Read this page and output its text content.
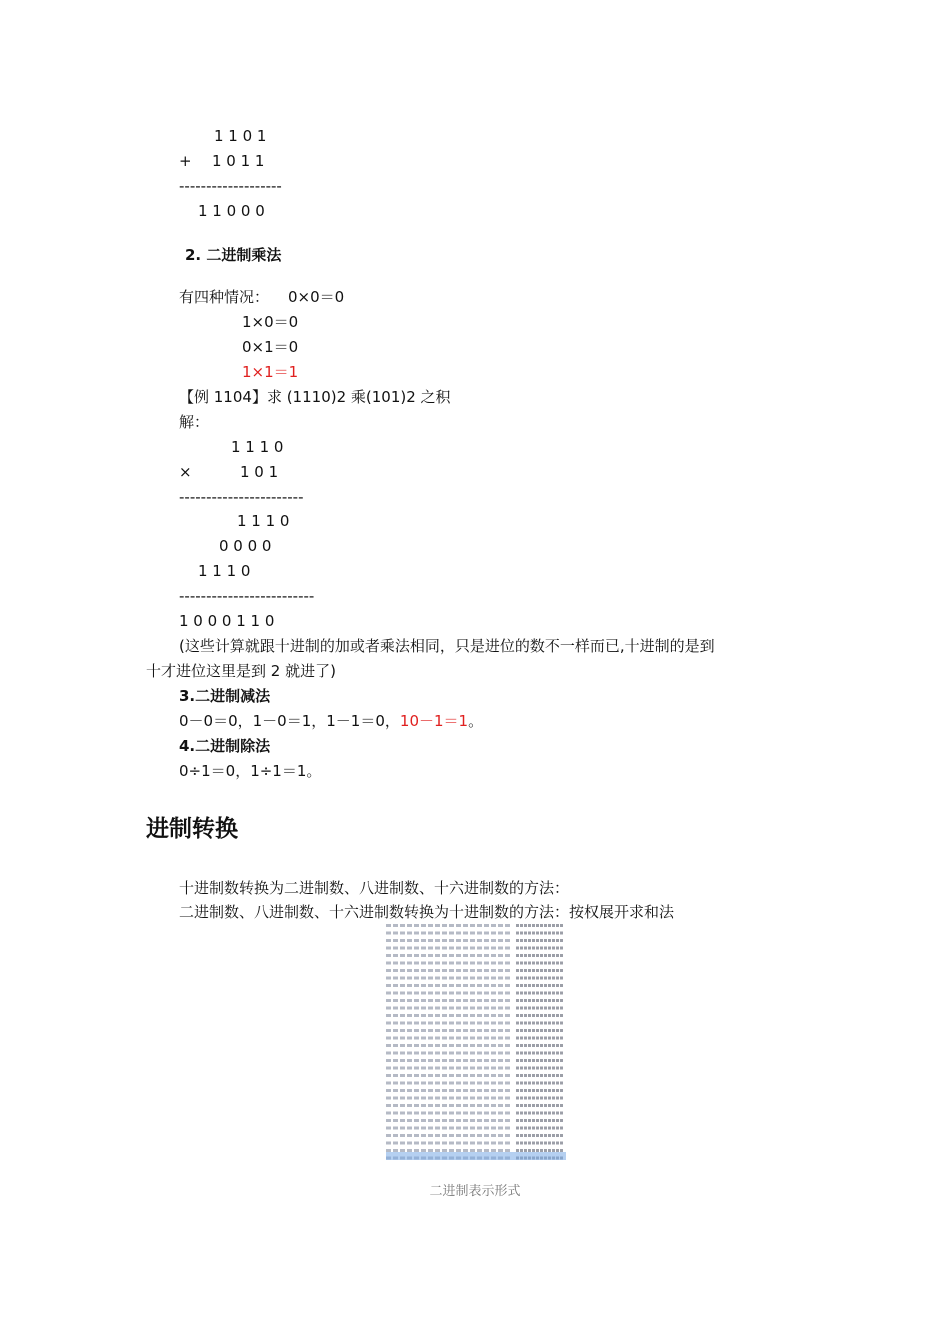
1 1 0 1
+ 1 0 1 1
-------------------
1 1 0 0 0
2. 二进制乘法
有四种情况： 0×0＝0
1×0＝0
0×1＝0
1×1＝1
【例 1104】求 (1110)2 乘(101)2 之积
解：
1 1 1 0
×	1 0 1
-----------------------
1 1 1 0
0 0 0 0
1 1 1 0
-------------------------
1 0 0 0 1 1 0
(这些计算就跟十进制的加或者乘法相同，只是进位的数不一样而已,十进制的是到
十才进位这里是到 2 就进了)
3.二进制减法
0－0＝0，1－0＝1，1－1＝0，10－1＝1。
4.二进制除法
0÷1＝0，1÷1＝1。
进制转换
十进制数转换为二进制数、八进制数、十六进制数的方法：
二进制数、八进制数、十六进制数转换为十进制数的方法：按权展开求和法
二进制表示形式
